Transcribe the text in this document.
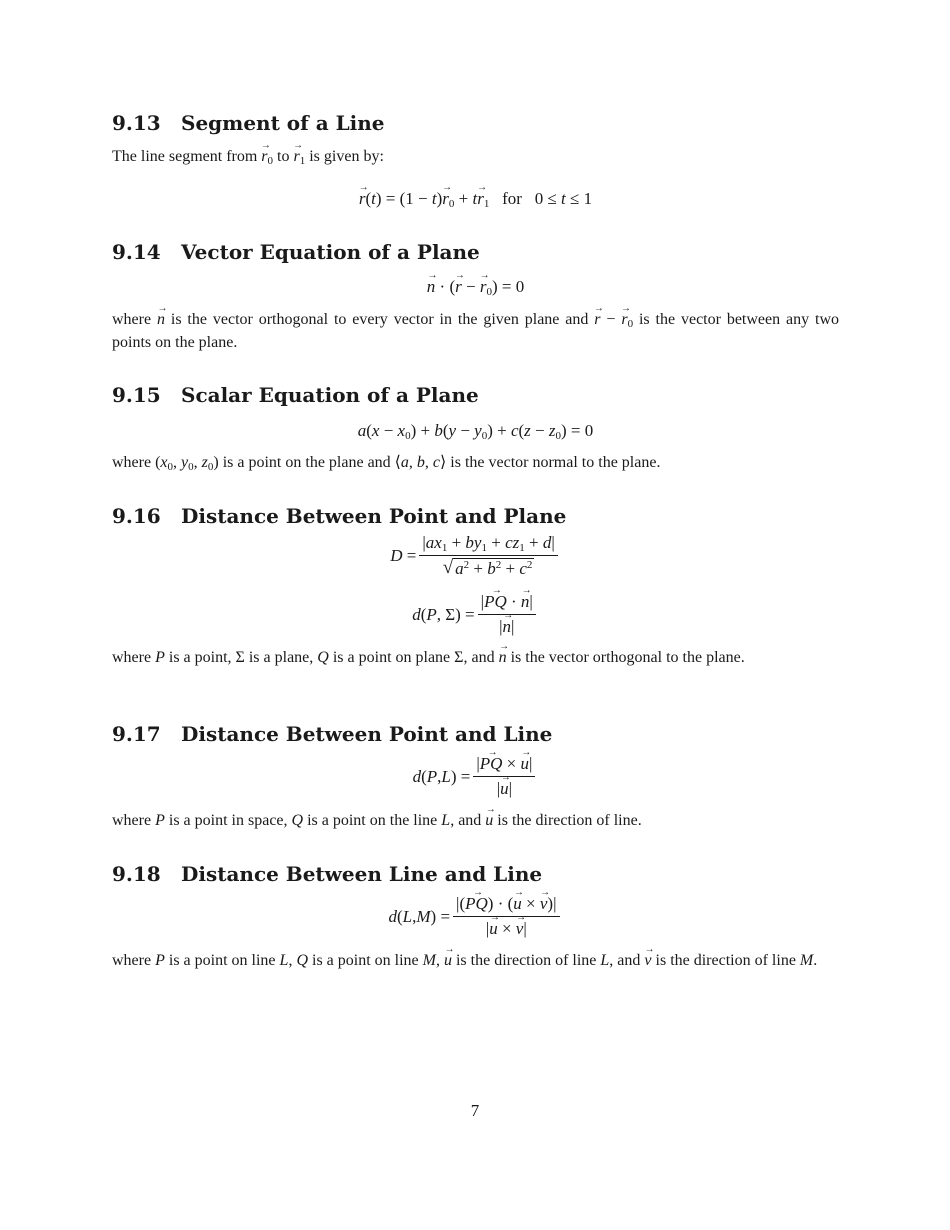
9.13 Segment of a Line

The line segment from $r \to_0$ to $r \to_1$ is given by:

$r \to(t) = (1 - t)r \to_0$ + tr $\to_1$ for   0 ≤ t ≤ 1
9.14 Vector Equation of a Plane
n → · (r → − $r \to_0) = 0$

where n → is the vector orthogonal to every vector in the given plane and r → − $r \to_0$ is the vector between any two points on the plane.

9.15 Scalar Equation of a Plane
$a(x - x_0) + b(y - y_0) + c(z - z_0) = 0$

where ($x_0$, $y_0$, $z_0$) is a point on the plane and ⟨a, b, c⟩ is the vector normal to the plane.

9.16 Distance Between Point and Plane
$D = \frac{|ax_1 + by_1 + cz_1 + d|}{√ a^2 + b^2 + c^2}$
d ( P , $\Sigma) = \frac{|PQ \to \cdot n \to|}{|n \to|}$

where P is a point, Σ is a plane, Q is a point on plane Σ, and n → is the vector orthogonal to the plane.

9.17 Distance Between Point and Line
d ( P , L ) = $\frac{|PQ \to \times u \to|}{|u \to|}$

where P is a point in space, Q is a point on the line L, and u → is the direction of line.

9.18 Distance Between Line and Line
d ( L , M ) = $\frac{|(PQ \to) \cdot (u \to \times v \to)|}{|u \to \times v \to|}$

where P is a point on line L, Q is a point on line M, u → is the direction of line L, and v → is the direction of line M.

7
